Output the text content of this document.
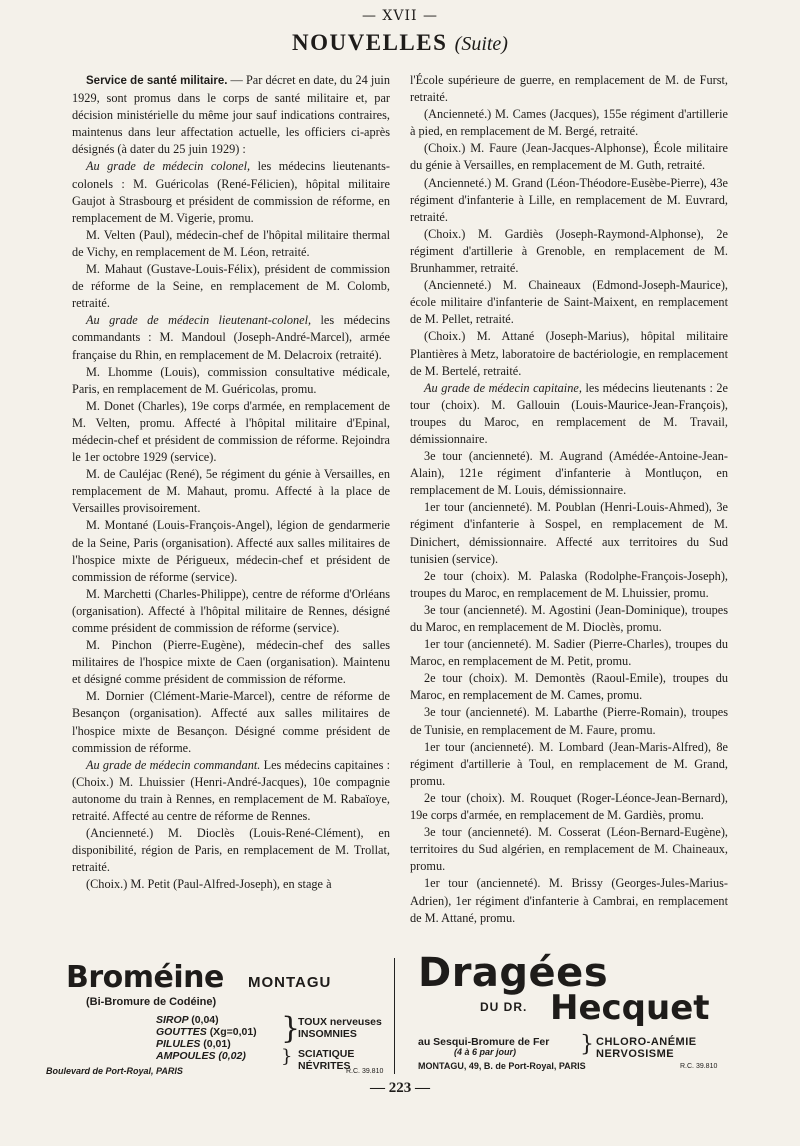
— XVII —
NOUVELLES (Suite)

Service de santé militaire. — Par décret en date, du 24 juin 1929, sont promus dans le corps de santé militaire et, par décision ministérielle du même jour sauf indications contraires, maintenus dans leur affectation actuelle, les officiers ci-après désignés (à dater du 25 juin 1929) :

Au grade de médecin colonel, les médecins lieutenants-colonels : M. Guéricolas (René-Félicien), hôpital militaire Gaujot à Strasbourg et président de commission de réforme, en remplacement de M. Vigerie, promu.

M. Velten (Paul), médecin-chef de l'hôpital militaire thermal de Vichy, en remplacement de M. Léon, retraité.

M. Mahaut (Gustave-Louis-Félix), président de commission de réforme de la Seine, en remplacement de M. Colomb, retraité.

Au grade de médecin lieutenant-colonel, les médecins commandants : M. Mandoul (Joseph-André-Marcel), armée française du Rhin, en remplacement de M. Delacroix (retraité).

M. Lhomme (Louis), commission consultative médicale, Paris, en remplacement de M. Guéricolas, promu.

M. Donet (Charles), 19e corps d'armée, en remplacement de M. Velten, promu. Affecté à l'hôpital militaire d'Epinal, médecin-chef et président de commission de réforme. Rejoindra le 1er octobre 1929 (service).

M. de Cauléjac (René), 5e régiment du génie à Versailles, en remplacement de M. Mahaut, promu. Affecté à la place de Versailles provisoirement.

M. Montané (Louis-François-Angel), légion de gendarmerie de la Seine, Paris (organisation). Affecté aux salles militaires de l'hospice mixte de Périgueux, médecin-chef et président de commission de réforme (service).

M. Marchetti (Charles-Philippe), centre de réforme d'Orléans (organisation). Affecté à l'hôpital militaire de Rennes, désigné comme président de commission de réforme (service).

M. Pinchon (Pierre-Eugène), médecin-chef des salles militaires de l'hospice mixte de Caen (organisation). Maintenu et désigné comme président de commission de réforme.

M. Dornier (Clément-Marie-Marcel), centre de réforme de Besançon (organisation). Affecté aux salles militaires de l'hospice mixte de Besançon. Désigné comme président de commission de réforme.

Au grade de médecin commandant. Les médecins capitaines : (Choix.) M. Lhuissier (Henri-André-Jacques), 10e compagnie autonome du train à Rennes, en remplacement de M. Rabaïoye, retraité. Affecté au centre de réforme de Rennes.

(Ancienneté.) M. Dioclès (Louis-René-Clément), en disponibilité, région de Paris, en remplacement de M. Trollat, retraité.

(Choix.) M. Petit (Paul-Alfred-Joseph), en stage à

l'École supérieure de guerre, en remplacement de M. de Furst, retraité.

(Ancienneté.) M. Cames (Jacques), 155e régiment d'artillerie à pied, en remplacement de M. Bergé, retraité.

(Choix.) M. Faure (Jean-Jacques-Alphonse), École militaire du génie à Versailles, en remplacement de M. Guth, retraité.

(Ancienneté.) M. Grand (Léon-Théodore-Eusèbe-Pierre), 43e régiment d'infanterie à Lille, en remplacement de M. Euvrard, retraité.

(Choix.) M. Gardiès (Joseph-Raymond-Alphonse), 2e régiment d'artillerie à Grenoble, en remplacement de M. Brunhammer, retraité.

(Ancienneté.) M. Chaineaux (Edmond-Joseph-Maurice), école militaire d'infanterie de Saint-Maixent, en remplacement de M. Pellet, retraité.

(Choix.) M. Attané (Joseph-Marius), hôpital militaire Plantières à Metz, laboratoire de bactériologie, en remplacement de M. Bertelé, retraité.

Au grade de médecin capitaine, les médecins lieutenants : 2e tour (choix). M. Gallouin (Louis-Maurice-Jean-François), troupes du Maroc, en remplacement de M. Travail, démissionnaire.

3e tour (ancienneté). M. Augrand (Amédée-Antoine-Jean-Alain), 121e régiment d'infanterie à Montluçon, en remplacement de M. Louis, démissionnaire.

1er tour (ancienneté). M. Poublan (Henri-Louis-Ahmed), 3e régiment d'infanterie à Sospel, en remplacement de M. Dinichert, démissionnaire. Affecté aux territoires du Sud tunisien (service).

2e tour (choix). M. Palaska (Rodolphe-François-Joseph), troupes du Maroc, en remplacement de M. Lhuissier, promu.

3e tour (ancienneté). M. Agostini (Jean-Dominique), troupes du Maroc, en remplacement de M. Dioclès, promu.

1er tour (ancienneté). M. Sadier (Pierre-Charles), troupes du Maroc, en remplacement de M. Petit, promu.

2e tour (choix). M. Demontès (Raoul-Emile), troupes du Maroc, en remplacement de M. Cames, promu.

3e tour (ancienneté). M. Labarthe (Pierre-Romain), troupes de Tunisie, en remplacement de M. Faure, promu.

1er tour (ancienneté). M. Lombard (Jean-Maris-Alfred), 8e régiment d'artillerie à Toul, en remplacement de M. Grand, promu.

2e tour (choix). M. Rouquet (Roger-Léonce-Jean-Bernard), 19e corps d'armée, en remplacement de M. Gardiès, promu.

3e tour (ancienneté). M. Cosserat (Léon-Bernard-Eugène), territoires du Sud algérien, en remplacement de M. Chaineaux, promu.

1er tour (ancienneté). M. Brissy (Georges-Jules-Marius-Adrien), 1er régiment d'infanterie à Cambrai, en remplacement de M. Attané, promu.

Broméine MONTAGU
(Bi-Bromure de Codéine)
SIROP (0,04)
GOUTTES (Xg=0,01)
PILULES (0,01)
AMPOULES (0,02)
}
}
TOUX nerveuses
INSOMNIES
SCIATIQUE
NÉVRITES
Boulevard de Port-Royal, PARIS	R.C. 39.810
Dragées
DU DR. Hecquet
au Sesqui-Bromure de Fer
(4 à 6 par jour)	} CHLORO-ANÉMIE
NERVOSISME
MONTAGU, 49, B. de Port-Royal, PARIS	R.C. 39.810
— 223 —
